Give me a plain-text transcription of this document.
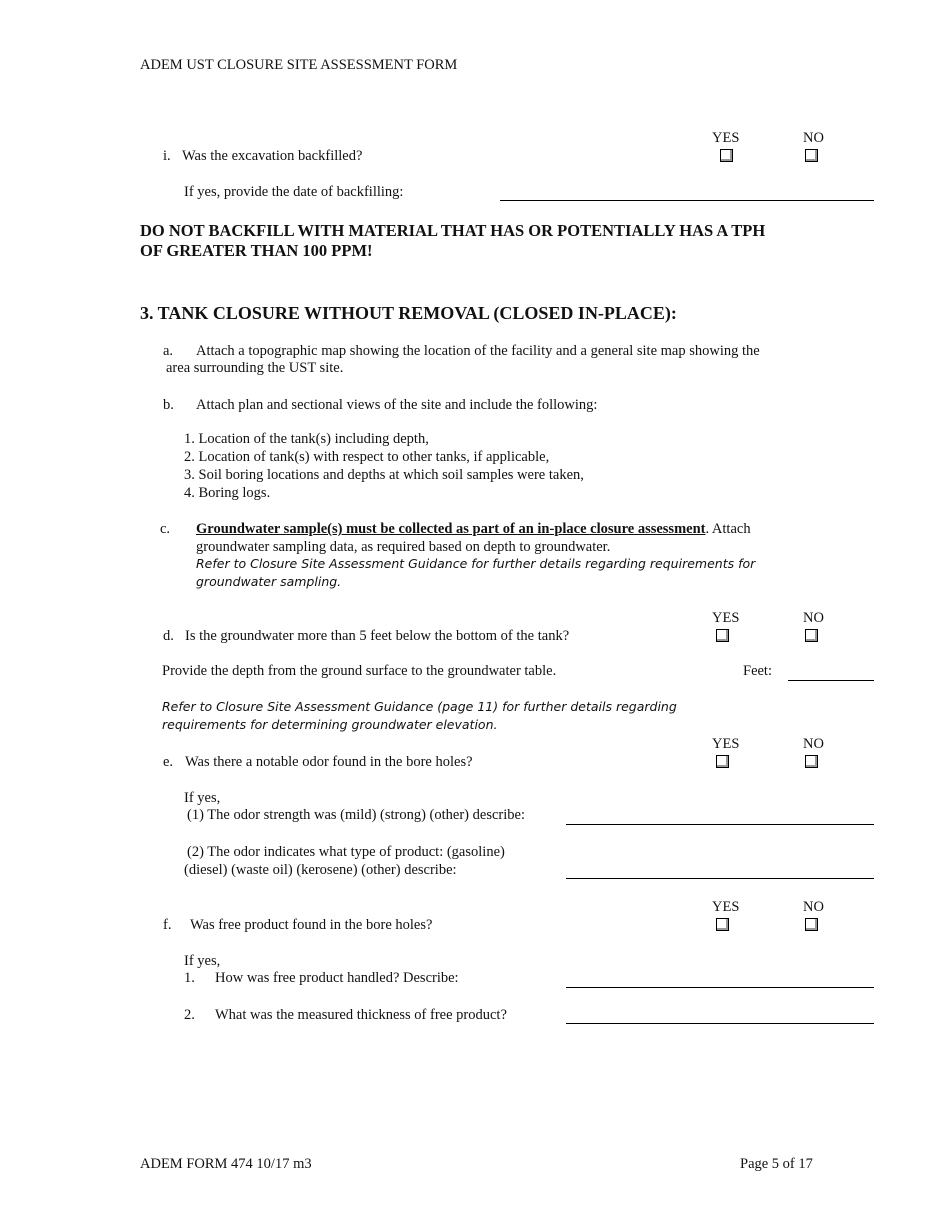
ADEM UST CLOSURE SITE ASSESSMENT FORM
YES	NO
i. Was the excavation backfilled?
If yes, provide the date of backfilling:
DO NOT BACKFILL WITH MATERIAL THAT HAS OR POTENTIALLY HAS A TPH
OF GREATER THAN 100 PPM!
3. TANK CLOSURE WITHOUT REMOVAL (CLOSED IN-PLACE):
a. Attach a topographic map showing the location of the facility and a general site map showing the
area surrounding the UST site.
b. Attach plan and sectional views of the site and include the following:
1. Location of the tank(s) including depth,
2. Location of tank(s) with respect to other tanks, if applicable,
3. Soil boring locations and depths at which soil samples were taken,
4. Boring logs.
c. Groundwater sample(s) must be collected as part of an in-place closure assessment. Attach
groundwater sampling data, as required based on depth to groundwater.
Refer to Closure Site Assessment Guidance for further details regarding requirements for
groundwater sampling.
YES	NO
d. Is the groundwater more than 5 feet below the bottom of the tank?
Provide the depth from the ground surface to the groundwater table.	Feet:
Refer to Closure Site Assessment Guidance (page 11) for further details regarding
requirements for determining groundwater elevation.
YES	NO
e. Was there a notable odor found in the bore holes?
If yes,
(1) The odor strength was (mild) (strong) (other) describe:
(2) The odor indicates what type of product: (gasoline)
(diesel) (waste oil) (kerosene) (other) describe:
YES	NO
f. Was free product found in the bore holes?
If yes,
1. How was free product handled? Describe:
2. What was the measured thickness of free product?
ADEM FORM 474 10/17 m3	Page 5 of 17
